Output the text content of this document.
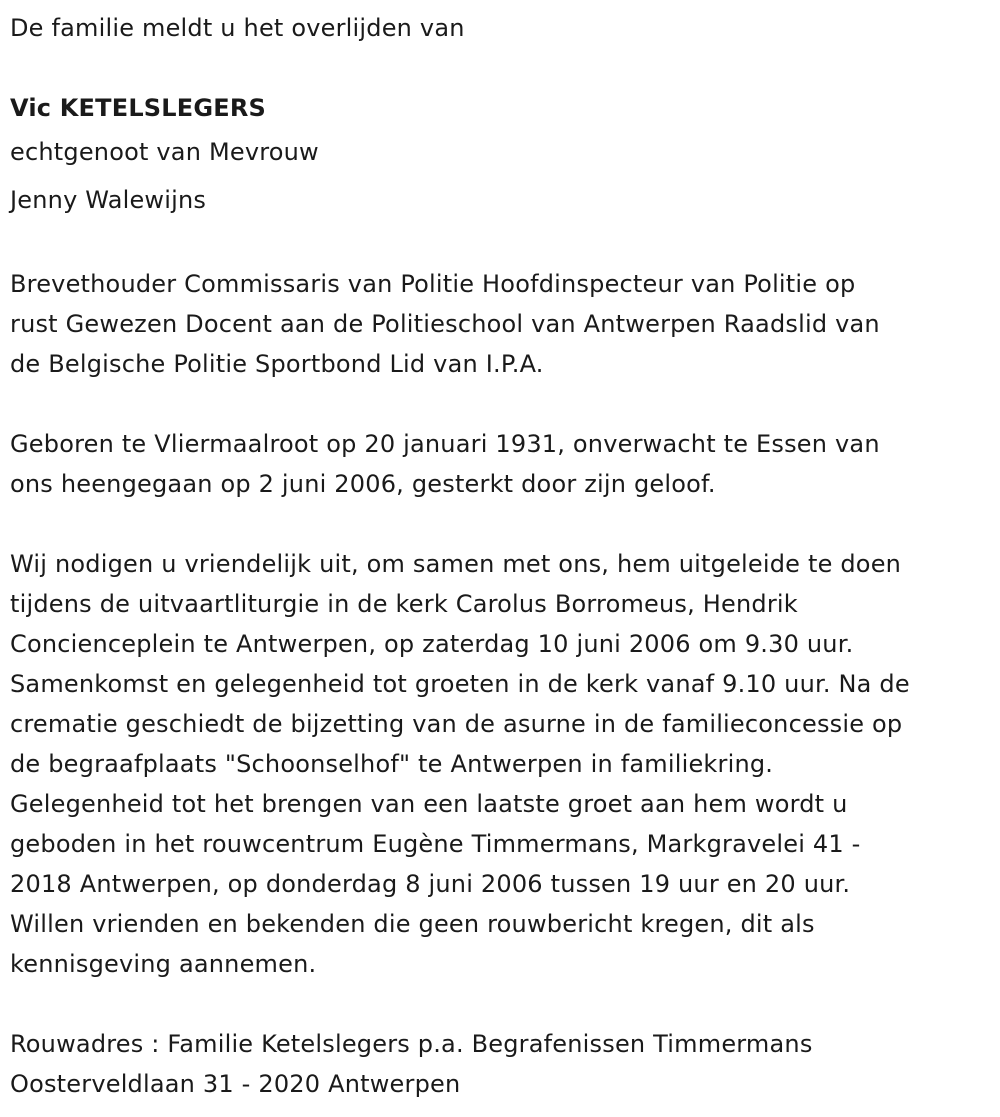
De familie meldt u het overlijden van
Vic KETELSLEGERS
echtgenoot van Mevrouw
Jenny Walewijns
Brevethouder Commissaris van Politie Hoofdinspecteur van Politie op
rust Gewezen Docent aan de Politieschool van Antwerpen Raadslid van
de Belgische Politie Sportbond Lid van I.P.A.
Geboren te Vliermaalroot op 20 januari 1931, onverwacht te Essen van
ons heengegaan op 2 juni 2006, gesterkt door zijn geloof.
Wij nodigen u vriendelijk uit, om samen met ons, hem uitgeleide te doen
tijdens de uitvaartliturgie in de kerk Carolus Borromeus, Hendrik
Concienceplein te Antwerpen, op zaterdag 10 juni 2006 om 9.30 uur.
Samenkomst en gelegenheid tot groeten in de kerk vanaf 9.10 uur. Na de
crematie geschiedt de bijzetting van de asurne in de familieconcessie op
de begraafplaats "Schoonselhof" te Antwerpen in familiekring.
Gelegenheid tot het brengen van een laatste groet aan hem wordt u
geboden in het rouwcentrum Eugène Timmermans, Markgravelei 41 -
2018 Antwerpen, op donderdag 8 juni 2006 tussen 19 uur en 20 uur.
Willen vrienden en bekenden die geen rouwbericht kregen, dit als
kennisgeving aannemen.
Rouwadres : Familie Ketelslegers p.a. Begrafenissen Timmermans
Oosterveldlaan 31 - 2020 Antwerpen
